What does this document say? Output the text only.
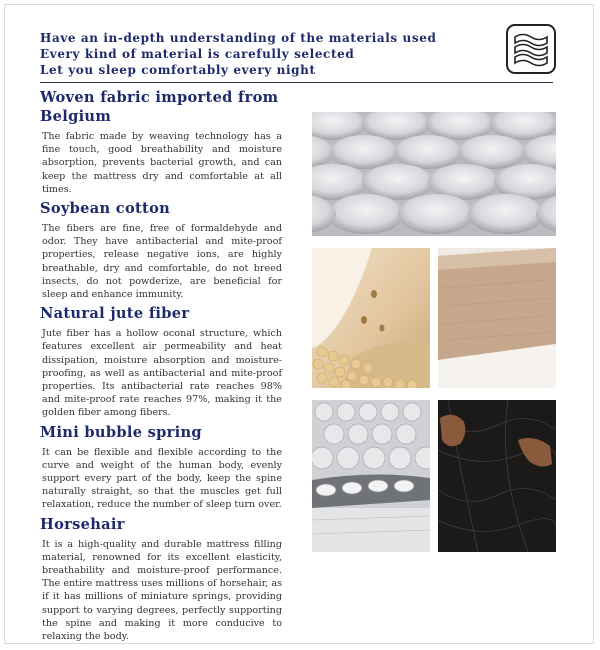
Have an in-depth understanding of the materials used
Every kind of material is carefully selected
Let you sleep comfortably every night
Woven fabric imported from Belgium

The fabric made by weaving technology has a fine touch, good breathability and moisture absorption, prevents bacterial growth, and can keep the mattress dry and comfortable at all times.

Soybean cotton

The fibers are fine, free of formaldehyde and odor. They have antibacterial and mite-proof properties, release negative ions, are highly breathable, dry and comfortable, do not breed insects, do not powderize, are beneficial for sleep and enhance immunity.

Natural jute fiber

Jute fiber has a hollow oconal structure, which features excellent air permeability and heat dissipation, moisture absorption and moisture-proofing, as well as antibacterial and mite-proof properties. Its antibacterial rate reaches 98% and mite-proof rate reaches 97%, making it the golden fiber among fibers.

Mini bubble spring

It can be flexible and flexible according to the curve and weight of the human body, evenly support every part of the body, keep the spine naturally straight, so that the muscles get full relaxation, reduce the number of sleep turn over.

Horsehair

It is a high-quality and durable mattress filling material, renowned for its excellent elasticity, breathability and moisture-proof performance. The entire mattress uses millions of horsehair, as if it has millions of miniature springs, providing support to varying degrees, perfectly supporting the spine and making it more conducive to relaxing the body.
